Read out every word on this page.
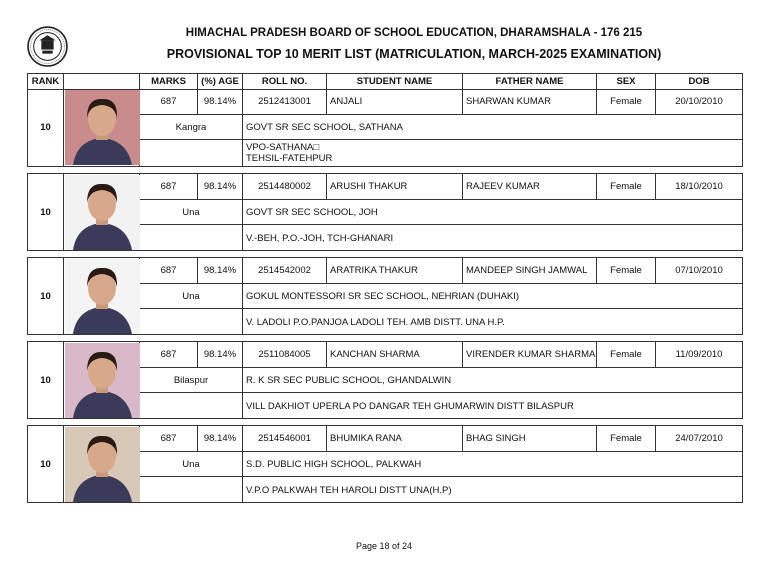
HIMACHAL PRADESH BOARD OF SCHOOL EDUCATION, DHARAMSHALA - 176 215
PROVISIONAL TOP 10 MERIT LIST (MATRICULATION, MARCH-2025 EXAMINATION)
RANK	MARKS	(%) AGE	ROLL NO.	STUDENT NAME	FATHER NAME	SEX	DOB
10
687	98.14%	2512413001	ANJALI	SHARWAN KUMAR	Female	20/10/2010
Kangra	GOVT SR SEC SCHOOL, SATHANA
VPO-SATHANA□
TEHSIL-FATEHPUR
10
687	98.14%	2514480002	ARUSHI THAKUR	RAJEEV KUMAR	Female	18/10/2010
Una	GOVT SR SEC SCHOOL, JOH
V.-BEH, P.O.-JOH, TCH-GHANARI
10
687	98.14%	2514542002	ARATRIKA THAKUR	MANDEEP SINGH JAMWAL	Female	07/10/2010
Una	GOKUL MONTESSORI SR SEC SCHOOL, NEHRIAN (DUHAKI)
V. LADOLI P.O.PANJOA LADOLI TEH. AMB DISTT. UNA H.P.
10
687	98.14%	2511084005	KANCHAN SHARMA	VIRENDER KUMAR SHARMA	Female	11/09/2010
Bilaspur	R. K SR SEC PUBLIC SCHOOL, GHANDALWIN
VILL DAKHIOT UPERLA PO DANGAR TEH GHUMARWIN DISTT BILASPUR
10
687	98.14%	2514546001	BHUMIKA RANA	BHAG SINGH	Female	24/07/2010
Una	S.D. PUBLIC HIGH SCHOOL, PALKWAH
V.P.O PALKWAH TEH HAROLI DISTT UNA(H.P)
Page 18 of 24
